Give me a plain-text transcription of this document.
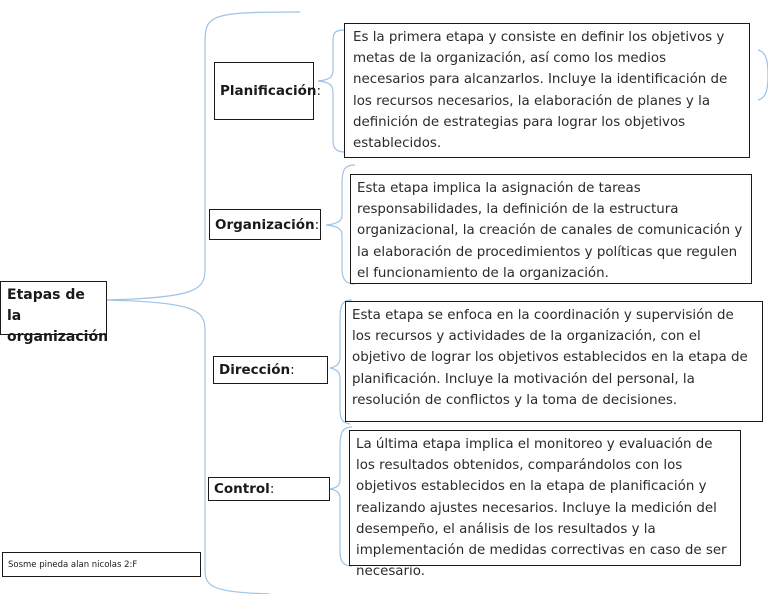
Etapas de la
organización
Sosme pineda alan nicolas 2:F
Planificación :
Organización :
Dirección :
Control :
Es la primera etapa y consiste en definir los objetivos y metas de la organización, así como los medios necesarios para alcanzarlos. Incluye la identificación de los recursos necesarios, la elaboración de planes y la definición de estrategias para lograr los objetivos establecidos.
Esta etapa implica la asignación de tareas responsabilidades, la definición de la estructura organizacional, la creación de canales de comunicación y la elaboración de procedimientos y políticas que regulen el funcionamiento de la organización.
Esta etapa se enfoca en la coordinación y supervisión de los recursos y actividades de la organización, con el objetivo de lograr los objetivos establecidos en la etapa de planificación. Incluye la motivación del personal, la resolución de conflictos y la toma de decisiones.
La última etapa implica el monitoreo y evaluación de los resultados obtenidos, comparándolos con los objetivos establecidos en la etapa de planificación y realizando ajustes necesarios. Incluye la medición del desempeño, el análisis de los resultados y la implementación de medidas correctivas en caso de ser necesario.
